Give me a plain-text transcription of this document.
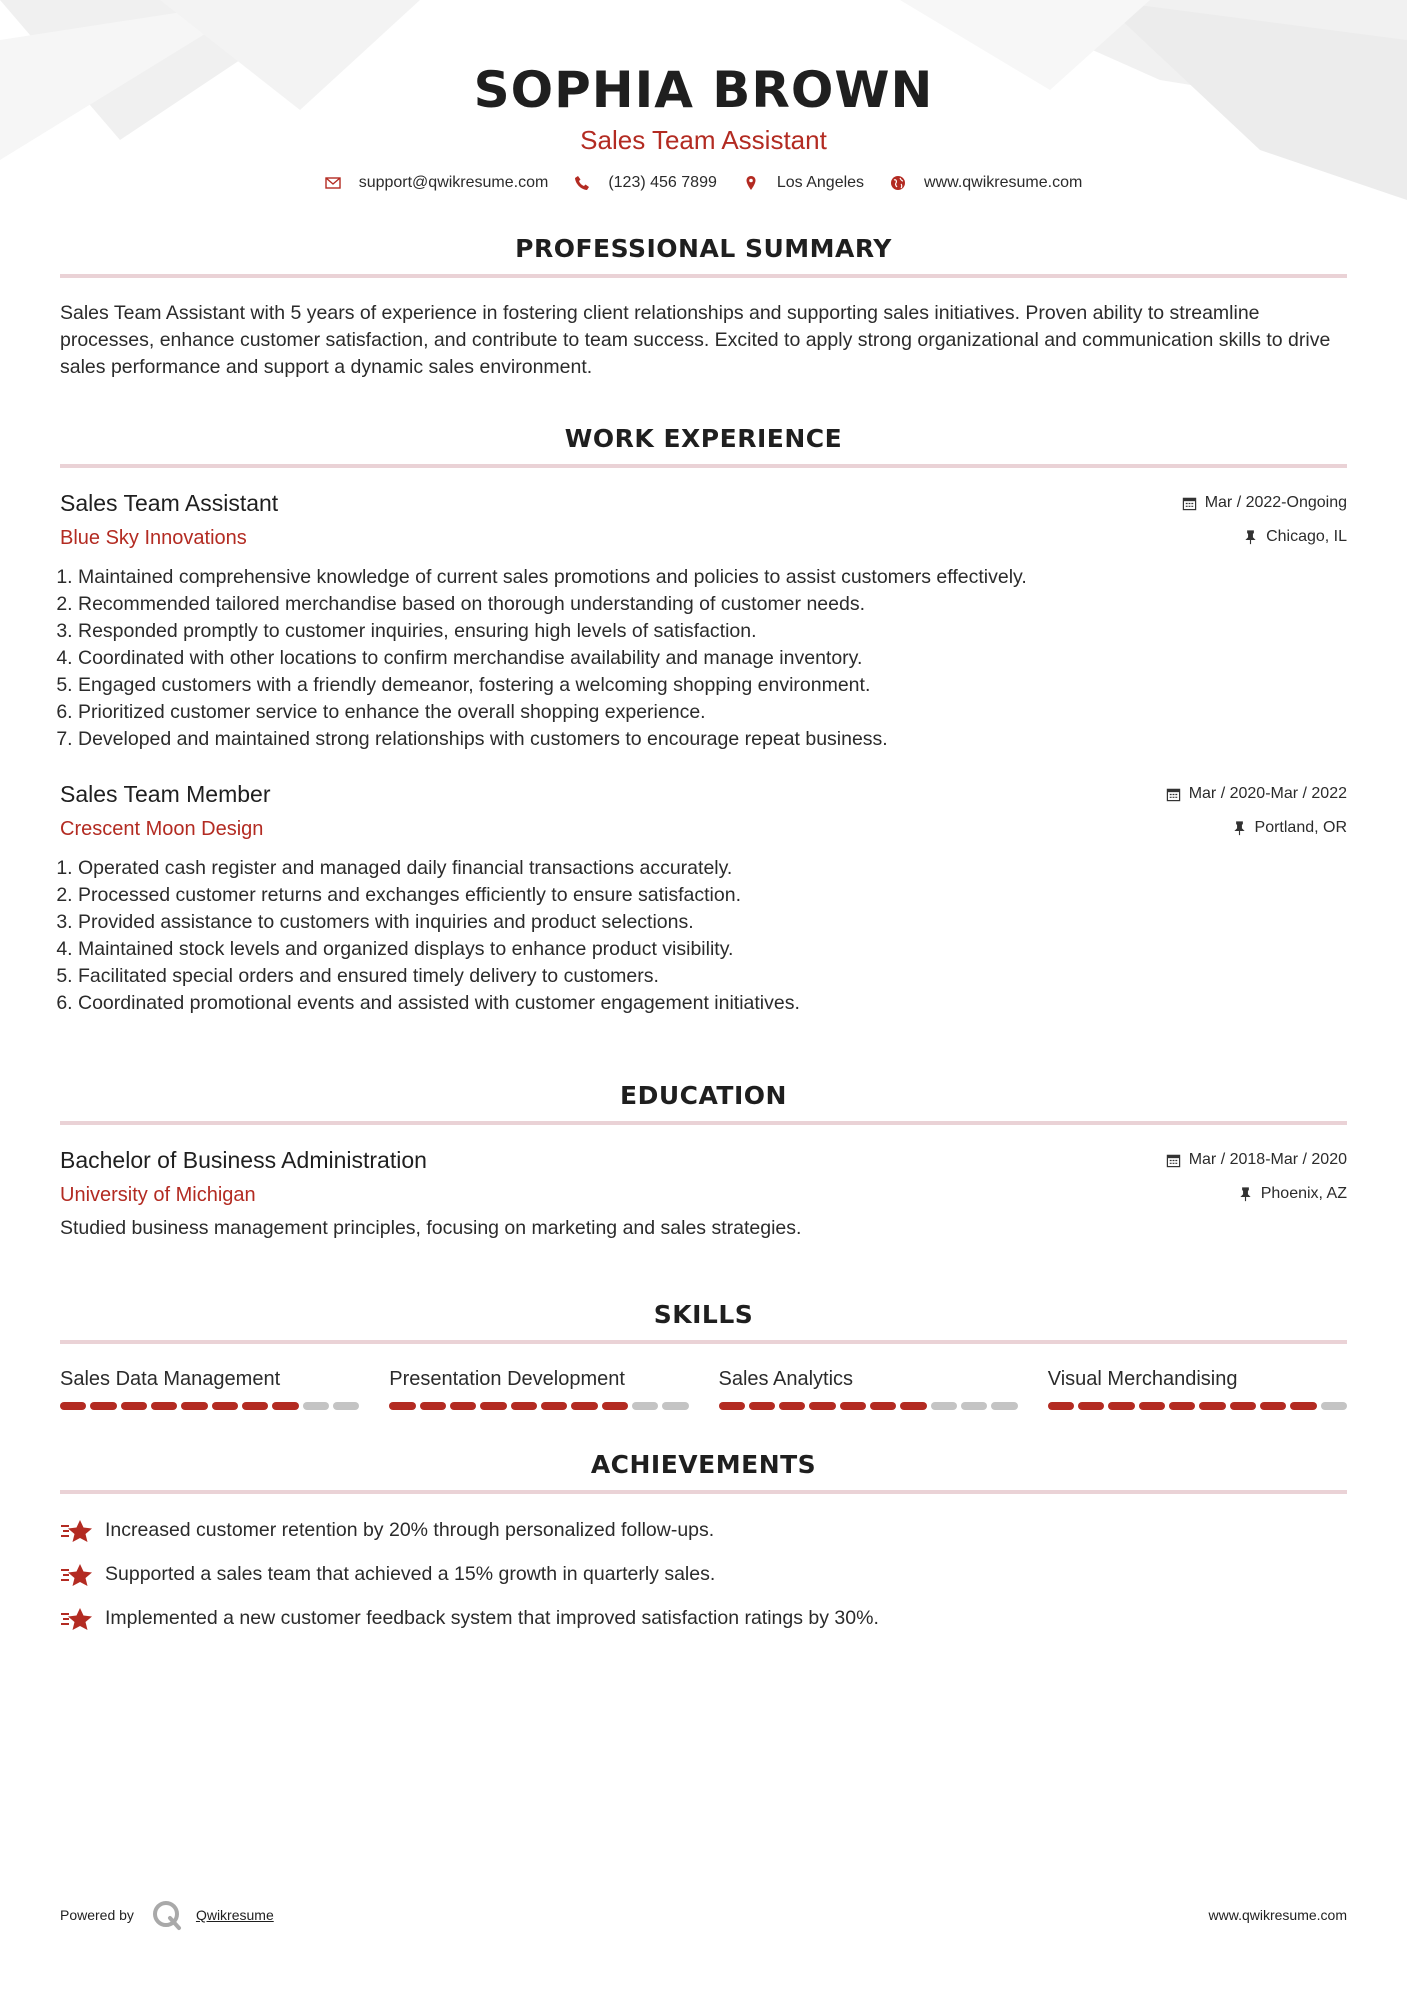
SOPHIA BROWN
Sales Team Assistant
support@qwikresume.com	(123) 456 7899	Los Angeles	www.qwikresume.com
PROFESSIONAL SUMMARY
Sales Team Assistant with 5 years of experience in fostering client relationships and supporting sales initiatives. Proven ability to streamline processes, enhance customer satisfaction, and contribute to team success. Excited to apply strong organizational and communication skills to drive sales performance and support a dynamic sales environment.
WORK EXPERIENCE
Sales Team Assistant
Blue Sky Innovations
Mar / 2022-Ongoing
Chicago, IL
1. Maintained comprehensive knowledge of current sales promotions and policies to assist customers effectively.
2. Recommended tailored merchandise based on thorough understanding of customer needs.
3. Responded promptly to customer inquiries, ensuring high levels of satisfaction.
4. Coordinated with other locations to confirm merchandise availability and manage inventory.
5. Engaged customers with a friendly demeanor, fostering a welcoming shopping environment.
6. Prioritized customer service to enhance the overall shopping experience.
7. Developed and maintained strong relationships with customers to encourage repeat business.
Sales Team Member
Crescent Moon Design
Mar / 2020-Mar / 2022
Portland, OR
1. Operated cash register and managed daily financial transactions accurately.
2. Processed customer returns and exchanges efficiently to ensure satisfaction.
3. Provided assistance to customers with inquiries and product selections.
4. Maintained stock levels and organized displays to enhance product visibility.
5. Facilitated special orders and ensured timely delivery to customers.
6. Coordinated promotional events and assisted with customer engagement initiatives.
EDUCATION
Bachelor of Business Administration
University of Michigan
Mar / 2018-Mar / 2020
Phoenix, AZ
Studied business management principles, focusing on marketing and sales strategies.
SKILLS
Sales Data Management	Presentation Development	Sales Analytics	Visual Merchandising
ACHIEVEMENTS
Increased customer retention by 20% through personalized follow-ups.
Supported a sales team that achieved a 15% growth in quarterly sales.
Implemented a new customer feedback system that improved satisfaction ratings by 30%.
Powered by	Qwikresume	www.qwikresume.com
